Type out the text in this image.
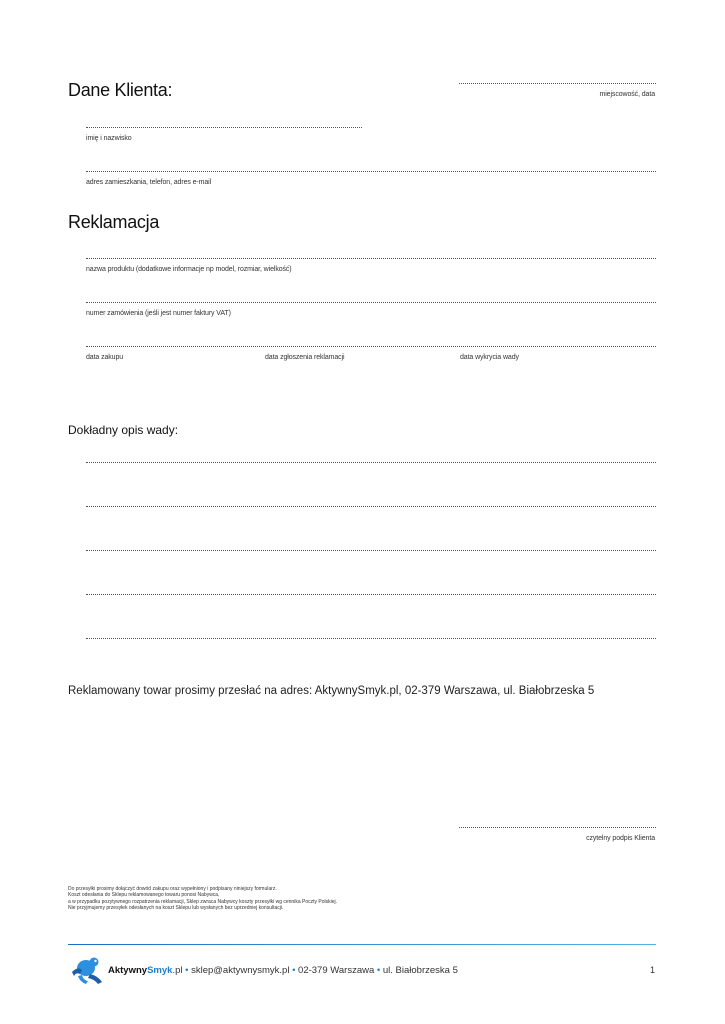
Dane Klienta:	miejscowość, data
imię i nazwisko
adres zamieszkania, telefon, adres e-mail
Reklamacja
nazwa produktu (dodatkowe informacje np model, rozmiar, wielkość)
numer zamówienia (jeśli jest numer faktury VAT)
data zakupu	data zgłoszenia reklamacji	data wykrycia wady
Dokładny opis wady:
Reklamowany towar prosimy przesłać na adres: AktywnySmyk.pl, 02-379 Warszawa, ul. Białobrzeska 5
czytelny podpis Klienta
Do przesyłki prosimy dołączyć dowód zakupu oraz wypełniony i podpisany niniejszy formularz.
Koszt odesłania do Sklepu reklamowanego towaru ponosi Nabywca,
a w przypadku pozytywnego rozpatrzenia reklamacji, Sklep zwraca Nabywcy koszty przesyłki wg cennika Poczty Polskiej.
Nie przyjmujemy przesyłek odesłanych na koszt Sklepu lub wysłanych bez uprzedniej konsultacji.
AktywnySmyk.pl • sklep@aktywnysmyk.pl • 02-379 Warszawa • ul. Białobrzeska 5	1
